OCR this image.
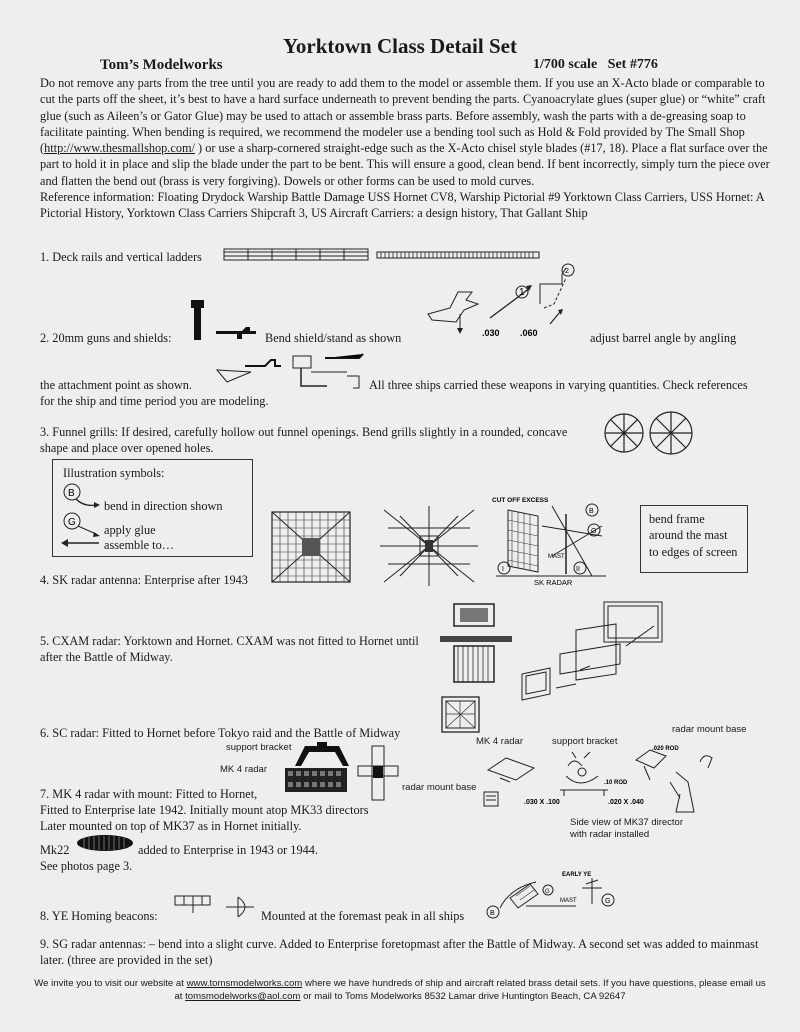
Yorktown Class Detail Set
Tom’s Modelworks	1/700 scale Set #776

Do not remove any parts from the tree until you are ready to add them to the model or assemble them. If you use an X-Acto blade or comparable to cut the parts off the sheet, it’s best to have a hard surface underneath to prevent bending the parts. Cyanoacrylate glues (super glue) or “white” craft glue (such as Aileen’s or Gator Glue) may be used to attach or assemble brass parts. Before assembly, wash the parts with a de-greasing soap to facilitate painting. When bending is required, we recommend the modeler use a bending tool such as Hold & Fold provided by The Small Shop (http://www.thesmallshop.com/ ) or use a sharp-cornered straight-edge such as the X-Acto chisel style blades (#17, 18). Place a flat surface over the part to hold it in place and slip the blade under the part to be bent. This will ensure a good, clean bend. If bent incorrectly, simply turn the piece over and flatten the bend out (brass is very forgiving). Dowels or other forms can be used to mold curves.

Reference information: Floating Drydock Warship Battle Damage USS Hornet CV8, Warship Pictorial #9 Yorktown Class Carriers, USS Hornet: A Pictorial History, Yorktown Class Carriers Shipcraft 3, US Aircraft Carriers: a design history, That Gallant Ship

1. Deck rails and vertical ladders
2. 20mm guns and shields:	Bend shield/stand as shown
1
2
.030 .060	adjust barrel angle by angling
the attachment point as shown.	All three ships carried these weapons in varying quantities. Check references for the ship and time period you are modeling.
3. Funnel grills: If desired, carefully hollow out funnel openings. Bend grills slightly in a rounded, concave shape and place over opened holes.
Illustration symbols:
B
bend in direction shown
G
apply glue
assemble to…
4. SK radar antenna: Enterprise after 1943
CUT OFF EXCESS
B
G
MAST
I	II
SK RADAR
bend frame around the mast to edges of screen
5. CXAM radar: Yorktown and Hornet. CXAM was not fitted to Hornet until after the Battle of Midway.
6. SC radar: Fitted to Hornet before Tokyo raid and the Battle of Midway
support bracket
MK 4 radar
radar mount base
MK 4 radar	support bracket
radar mount base
.020 ROD
.10 ROD
.030 X .100	.020 X .040
7. MK 4 radar with mount: Fitted to Hornet,
Fitted to Enterprise late 1942. Initially mount atop MK33 directors
Later mounted on top of MK37 as in Hornet initially.
Mk22	added to Enterprise in 1943 or 1944.
See photos page 3.
Side view of MK37 director
with radar installed
8. YE Homing beacons:	Mounted at the foremast peak in all ships	B
G
EARLY YE
MAST	G
9. SG radar antennas: – bend into a slight curve. Added to Enterprise foretopmast after the Battle of Midway. A second set was added to mainmast later. (three are provided in the set)
We invite you to visit our website at www.tomsmodelworks.com where we have hundreds of ship and aircraft related brass detail sets. If you have questions, please email us at tomsmodelworks@aol.com or mail to Toms Modelworks 8532 Lamar drive Huntington Beach, CA 92647
